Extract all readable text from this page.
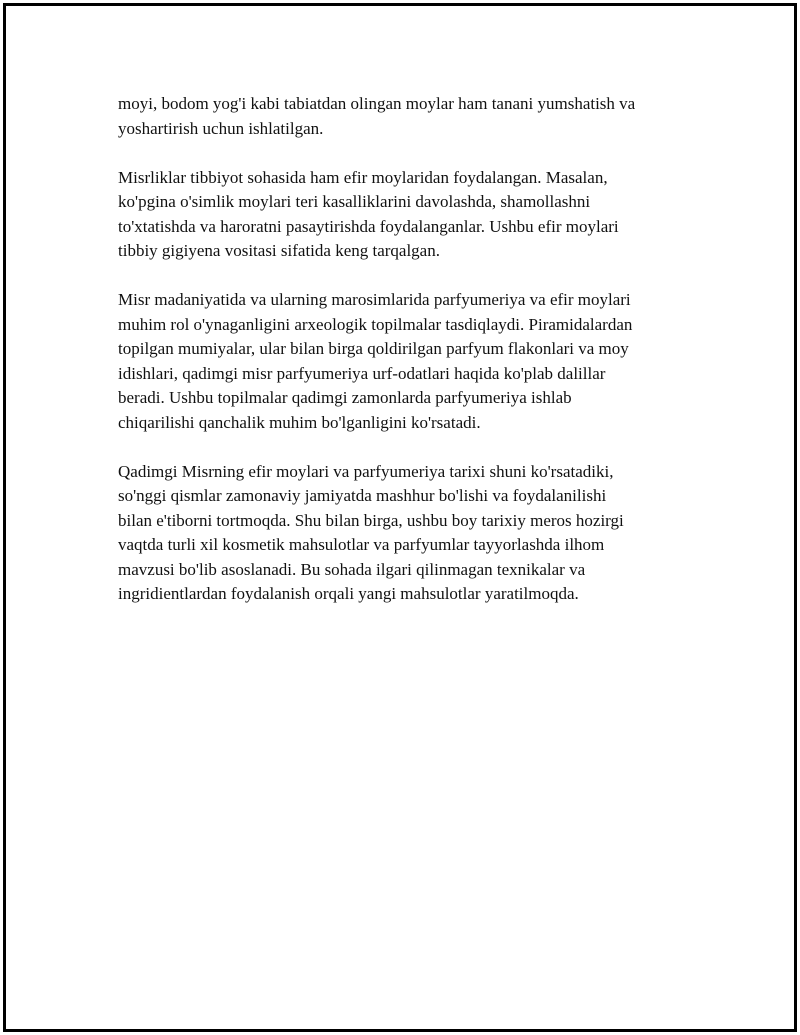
moyi, bodom yog'i kabi tabiatdan olingan moylar ham tanani yumshatish va
yoshartirish uchun ishlatilgan.

Misrliklar tibbiyot sohasida ham efir moylaridan foydalangan. Masalan,
ko'pgina o'simlik moylari teri kasalliklarini davolashda, shamollashni
to'xtatishda va haroratni pasaytirishda foydalanganlar. Ushbu efir moylari
tibbiy gigiyena vositasi sifatida keng tarqalgan.

Misr madaniyatida va ularning marosimlarida parfyumeriya va efir moylari
muhim rol o'ynaganligini arxeologik topilmalar tasdiqlaydi. Piramidalardan
topilgan mumiyalar, ular bilan birga qoldirilgan parfyum flakonlari va moy
idishlari, qadimgi misr parfyumeriya urf-odatlari haqida ko'plab dalillar
beradi. Ushbu topilmalar qadimgi zamonlarda parfyumeriya ishlab
chiqarilishi qanchalik muhim bo'lganligini ko'rsatadi.

Qadimgi Misrning efir moylari va parfyumeriya tarixi shuni ko'rsatadiki,
so'nggi qismlar zamonaviy jamiyatda mashhur bo'lishi va foydalanilishi
bilan e'tiborni tortmoqda. Shu bilan birga, ushbu boy tarixiy meros hozirgi
vaqtda turli xil kosmetik mahsulotlar va parfyumlar tayyorlashda ilhom
mavzusi bo'lib asoslanadi. Bu sohada ilgari qilinmagan texnikalar va
ingridientlardan foydalanish orqali yangi mahsulotlar yaratilmoqda.
